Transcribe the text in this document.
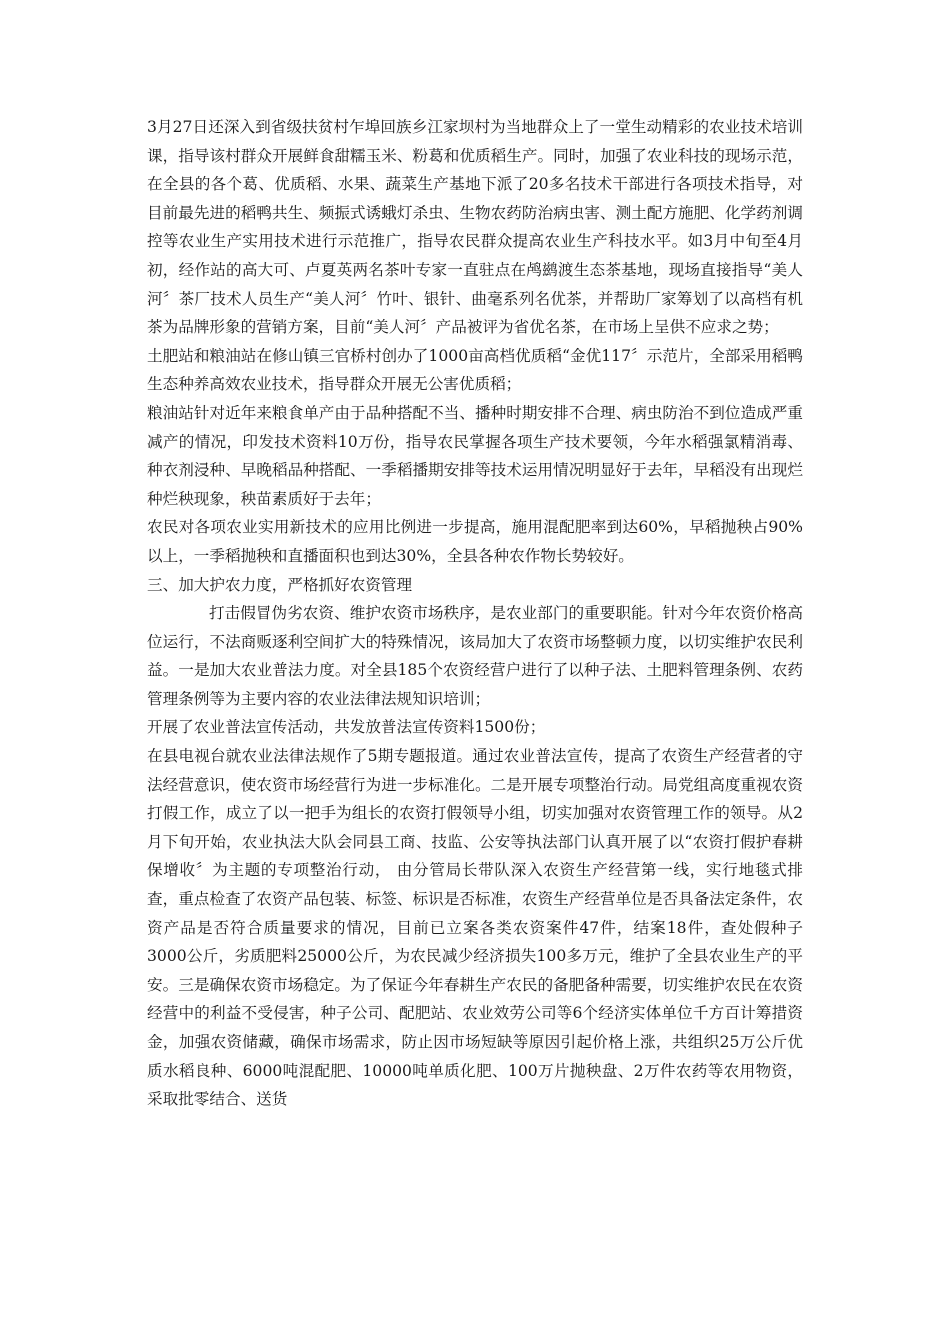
3月27日还深入到省级扶贫村乍埠回族乡江家坝村为当地群众上了一堂生动精彩的农业技术培训课，指导该村群众开展鲜食甜糯玉米、粉葛和优质稻生产。同时，加强了农业科技的现场示范，在全县的各个葛、优质稻、水果、蔬菜生产基地下派了20多名技术干部进行各项技术指导，对目前最先进的稻鸭共生、频振式诱蛾灯杀虫、生物农药防治病虫害、测土配方施肥、化学药剂调控等农业生产实用技术进行示范推广，指导农民群众提高农业生产科技水平。如3月中旬至4月初，经作站的高大可、卢夏英两名茶叶专家一直驻点在鸬鹚渡生态茶基地，现场直接指导“美人河〞茶厂技术人员生产“美人河〞竹叶、银针、曲毫系列名优茶，并帮助厂家筹划了以高档有机茶为品牌形象的营销方案，目前“美人河〞产品被评为省优名茶，在市场上呈供不应求之势；

土肥站和粮油站在修山镇三官桥村创办了1000亩高档优质稻“金优117〞示范片，全部采用稻鸭生态种养高效农业技术，指导群众开展无公害优质稻；

粮油站针对近年来粮食单产由于品种搭配不当、播种时期安排不合理、病虫防治不到位造成严重减产的情况，印发技术资料10万份，指导农民掌握各项生产技术要领，今年水稻强氯精消毒、种衣剂浸种、早晚稻品种搭配、一季稻播期安排等技术运用情况明显好于去年，早稻没有出现烂种烂秧现象，秧苗素质好于去年；

农民对各项农业实用新技术的应用比例进一步提高，施用混配肥率到达60%，早稻抛秧占90%以上，一季稻抛秧和直播面积也到达30%，全县各种农作物长势较好。

三、加大护农力度，严格抓好农资管理

打击假冒伪劣农资、维护农资市场秩序，是农业部门的重要职能。针对今年农资价格高位运行，不法商贩逐利空间扩大的特殊情况，该局加大了农资市场整顿力度，以切实维护农民利益。一是加大农业普法力度。对全县185个农资经营户进行了以种子法、土肥料管理条例、农药管理条例等为主要内容的农业法律法规知识培训；

开展了农业普法宣传活动，共发放普法宣传资料1500份；

在县电视台就农业法律法规作了5期专题报道。通过农业普法宣传，提高了农资生产经营者的守法经营意识，使农资市场经营行为进一步标准化。二是开展专项整治行动。局党组高度重视农资打假工作，成立了以一把手为组长的农资打假领导小组，切实加强对农资管理工作的领导。从2月下旬开始，农业执法大队会同县工商、技监、公安等执法部门认真开展了以“农资打假护春耕保增收〞为主题的专项整治行动， 由分管局长带队深入农资生产经营第一线，实行地毯式排查，重点检查了农资产品包装、标签、标识是否标准，农资生产经营单位是否具备法定条件，农资产品是否符合质量要求的情况，目前已立案各类农资案件47件，结案18件，查处假种子3000公斤，劣质肥料25000公斤，为农民减少经济损失100多万元，维护了全县农业生产的平安。三是确保农资市场稳定。为了保证今年春耕生产农民的备肥备种需要，切实维护农民在农资经营中的利益不受侵害，种子公司、配肥站、农业效劳公司等6个经济实体单位千方百计筹措资金，加强农资储藏，确保市场需求，防止因市场短缺等原因引起价格上涨，共组织25万公斤优质水稻良种、6000吨混配肥、10000吨单质化肥、100万片抛秧盘、2万件农药等农用物资，采取批零结合、送货
